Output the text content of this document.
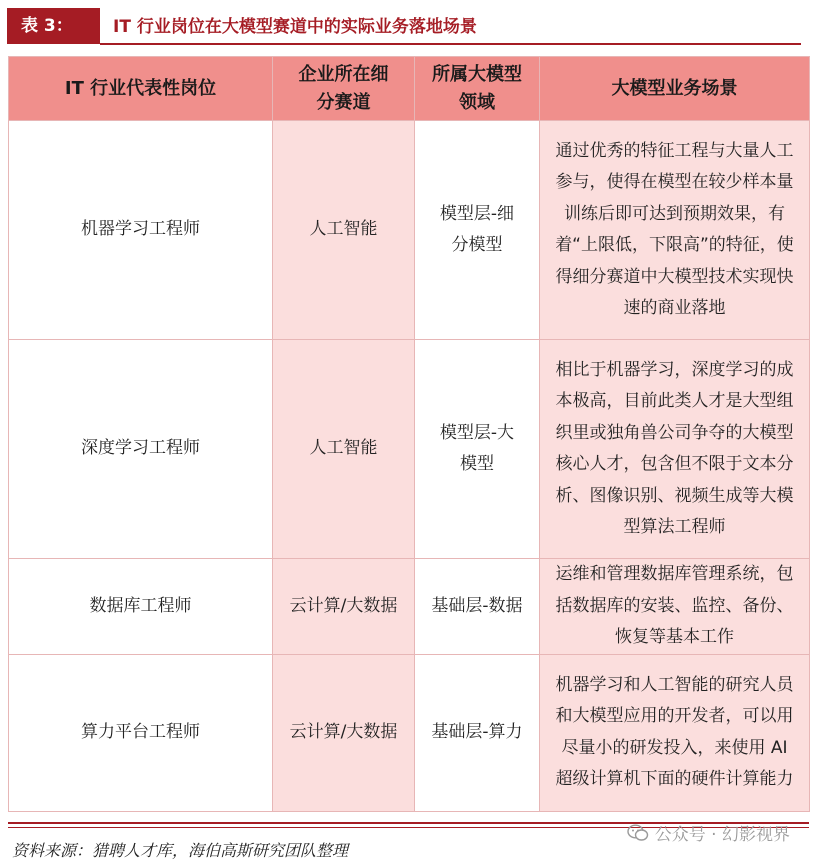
表 3：	IT 行业岗位在大模型赛道中的实际业务落地场景
IT 行业代表性岗位	企业所在细分赛道	所属大模型领域	大模型业务场景
机器学习工程师	人工智能	模型层-细分模型	通过优秀的特征工程与大量人工参与，使得在模型在较少样本量训练后即可达到预期效果，有着“上限低，下限高”的特征，使得细分赛道中大模型技术实现快速的商业落地
深度学习工程师	人工智能	模型层-大模型	相比于机器学习，深度学习的成本极高，目前此类人才是大型组织里或独角兽公司争夺的大模型核心人才，包含但不限于文本分析、图像识别、视频生成等大模型算法工程师
数据库工程师	云计算/大数据	基础层-数据	运维和管理数据库管理系统，包括数据库的安装、监控、备份、恢复等基本工作
算力平台工程师	云计算/大数据	基础层-算力	机器学习和人工智能的研究人员和大模型应用的开发者，可以用尽量小的研发投入，来使用 AI 超级计算机下面的硬件计算能力
资料来源：猎聘人才库，海伯高斯研究团队整理
公众号 · 幻影视界
